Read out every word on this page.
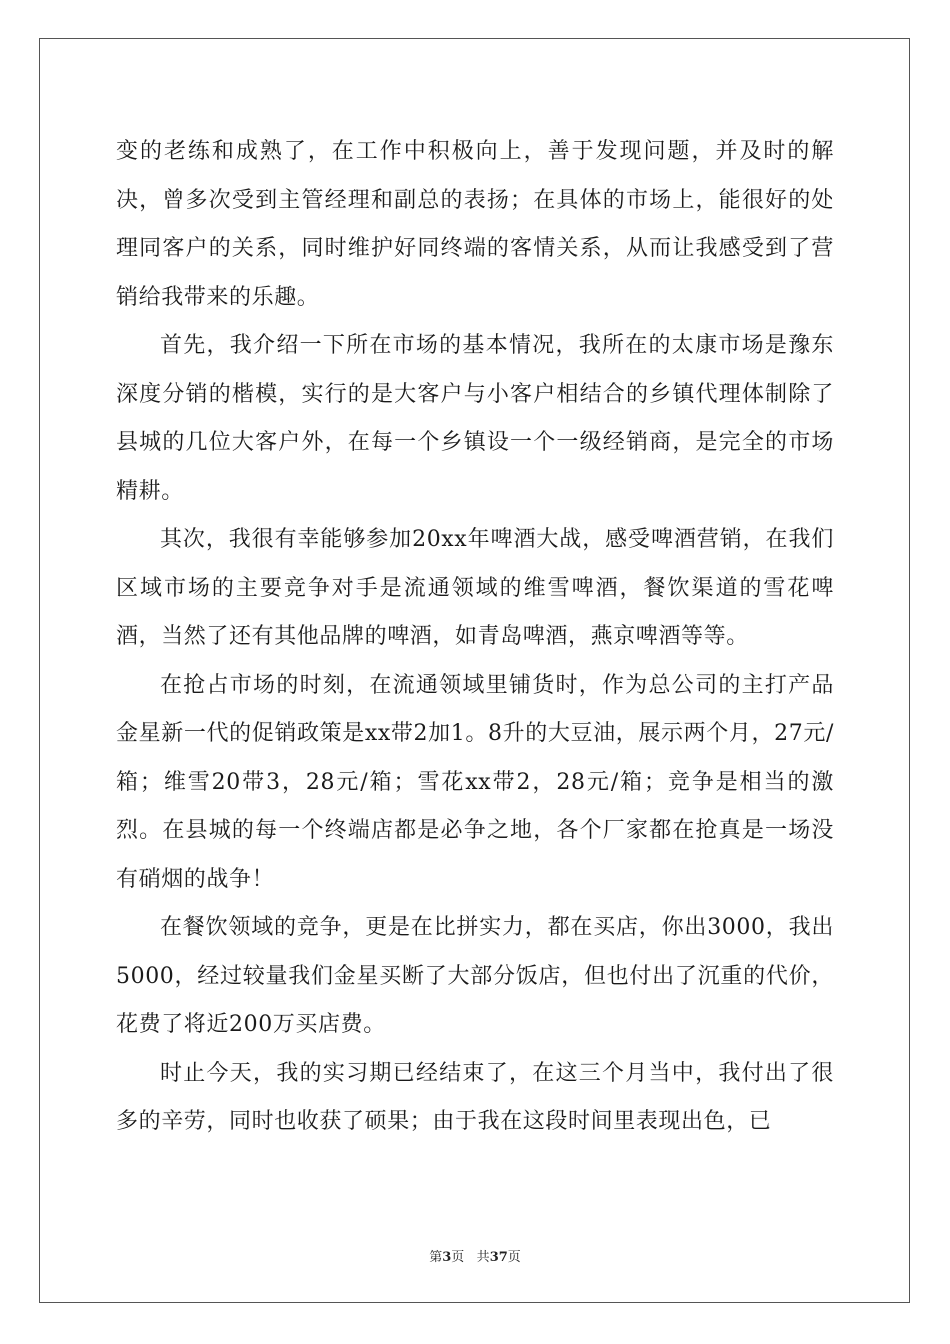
变的老练和成熟了，在工作中积极向上，善于发现问题，并及时的解决，曾多次受到主管经理和副总的表扬；在具体的市场上，能很好的处理同客户的关系，同时维护好同终端的客情关系，从而让我感受到了营销给我带来的乐趣。

首先，我介绍一下所在市场的基本情况，我所在的太康市场是豫东深度分销的楷模，实行的是大客户与小客户相结合的乡镇代理体制除了县城的几位大客户外，在每一个乡镇设一个一级经销商，是完全的市场精耕。

其次，我很有幸能够参加20xx年啤酒大战，感受啤酒营销，在我们区域市场的主要竞争对手是流通领域的维雪啤酒，餐饮渠道的雪花啤酒，当然了还有其他品牌的啤酒，如青岛啤酒，燕京啤酒等等。

在抢占市场的时刻，在流通领域里铺货时，作为总公司的主打产品金星新一代的促销政策是xx带2加1。8升的大豆油，展示两个月，27元/箱；维雪20带3，28元/箱；雪花xx带2，28元/箱；竞争是相当的激烈。在县城的每一个终端店都是必争之地，各个厂家都在抢真是一场没有硝烟的战争！

在餐饮领域的竞争，更是在比拼实力，都在买店，你出3000，我出5000，经过较量我们金星买断了大部分饭店，但也付出了沉重的代价，花费了将近200万买店费。

时止今天，我的实习期已经结束了，在这三个月当中，我付出了很多的辛劳，同时也收获了硕果；由于我在这段时间里表现出色，已

第3页 共37页
